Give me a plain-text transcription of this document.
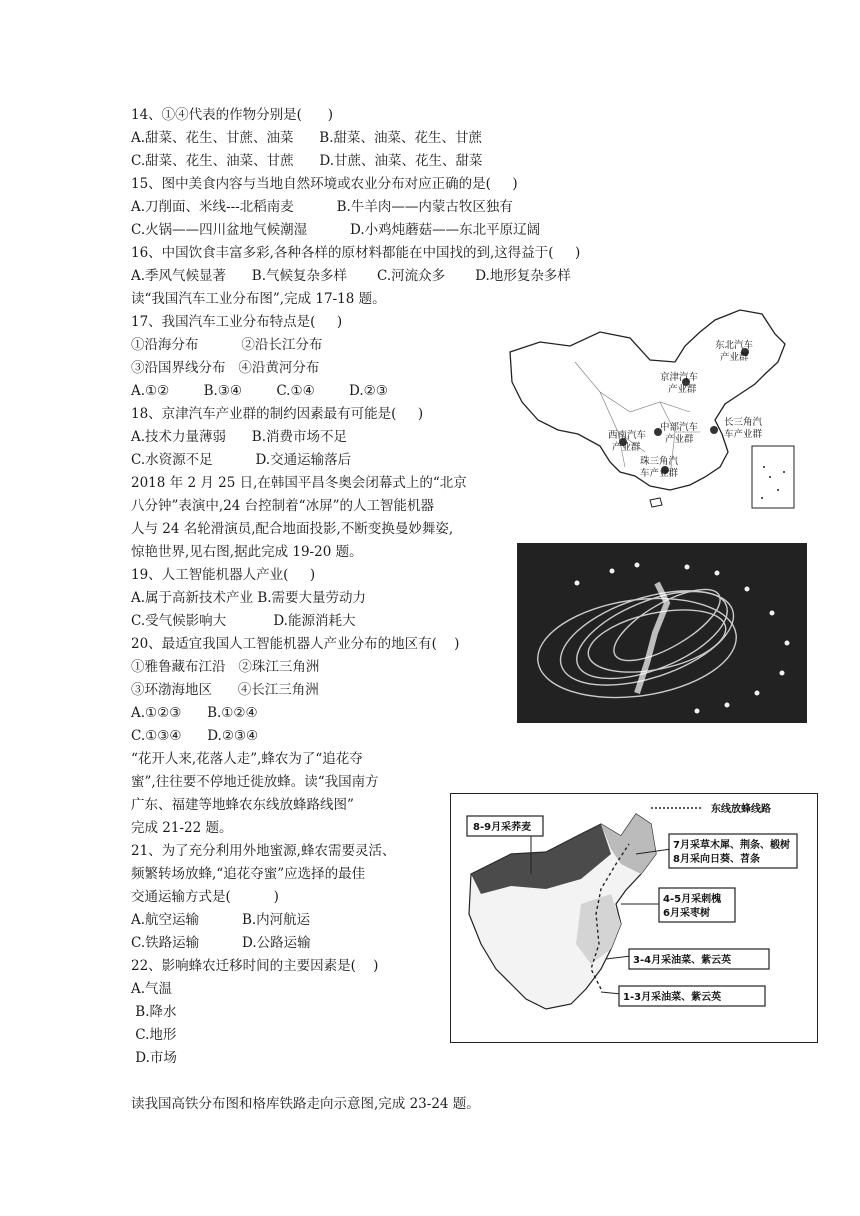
14、①④代表的作物分别是(      )
A.甜菜、花生、甘蔗、油菜      B.甜菜、油菜、花生、甘蔗
C.甜菜、花生、油菜、甘蔗      D.甘蔗、油菜、花生、甜菜
15、图中美食内容与当地自然环境或农业分布对应正确的是(     )
A.刀削面、米线---北稻南麦          B.牛羊肉——内蒙古牧区独有
C.火锅——四川盆地气候潮湿          D.小鸡炖蘑菇——东北平原辽阔
16、中国饮食丰富多彩,各种各样的原材料都能在中国找的到,这得益于(     )
A.季风气候显著      B.气候复杂多样       C.河流众多       D.地形复杂多样
读“我国汽车工业分布图”,完成 17-18 题。
17、我国汽车工业分布特点是(     )
①沿海分布          ②沿长江分布
③沿国界线分布   ④沿黄河分布
A.①②        B.③④        C.①④        D.②③
18、京津汽车产业群的制约因素最有可能是(     )
A.技术力量薄弱      B.消费市场不足
C.水资源不足          D.交通运输落后
2018 年 2 月 25 日,在韩国平昌冬奥会闭幕式上的“北京
八分钟”表演中,24 台控制着“冰屏”的人工智能机器
人与 24 名轮滑演员,配合地面投影,不断变换曼妙舞姿,
惊艳世界,见右图,据此完成 19-20 题。
19、人工智能机器人产业(     )
A.属于高新技术产业 B.需要大量劳动力
C.受气候影响大           D.能源消耗大
20、最适宜我国人工智能机器人产业分布的地区有(    )
①雅鲁藏布江沿   ②珠江三角洲
③环渤海地区      ④长江三角洲
A.①②③      B.①②④
C.①③④      D.②③④
“花开人来,花落人走”,蜂农为了“追花夺
蜜”,往往要不停地迁徙放蜂。读“我国南方
广东、福建等地蜂农东线放蜂路线图”
完成 21-22 题。
21、为了充分利用外地蜜源,蜂农需要灵活、
频繁转场放蜂,“追花夺蜜”应选择的最佳
交通运输方式是(          )
A.航空运输          B.内河航运
C.铁路运输          D.公路运输
22、影响蜂农迁移时间的主要因素是(    )
A.气温
B.降水
C.地形
D.市场
读我国高铁分布图和格库铁路走向示意图,完成 23-24 题。
东北汽车
产业群
京津汽车
产业群
长三角汽
车产业群
中部汽车
产业群
西南汽车
产业群
珠三角汽
车产业群
东线放蜂线路
8-9月采荞麦
7月采草木犀、荆条、椴树
8月采向日葵、苕条
4-5月采刺槐
6月采枣树
3-4月采油菜、紫云英
1-3月采油菜、紫云英
